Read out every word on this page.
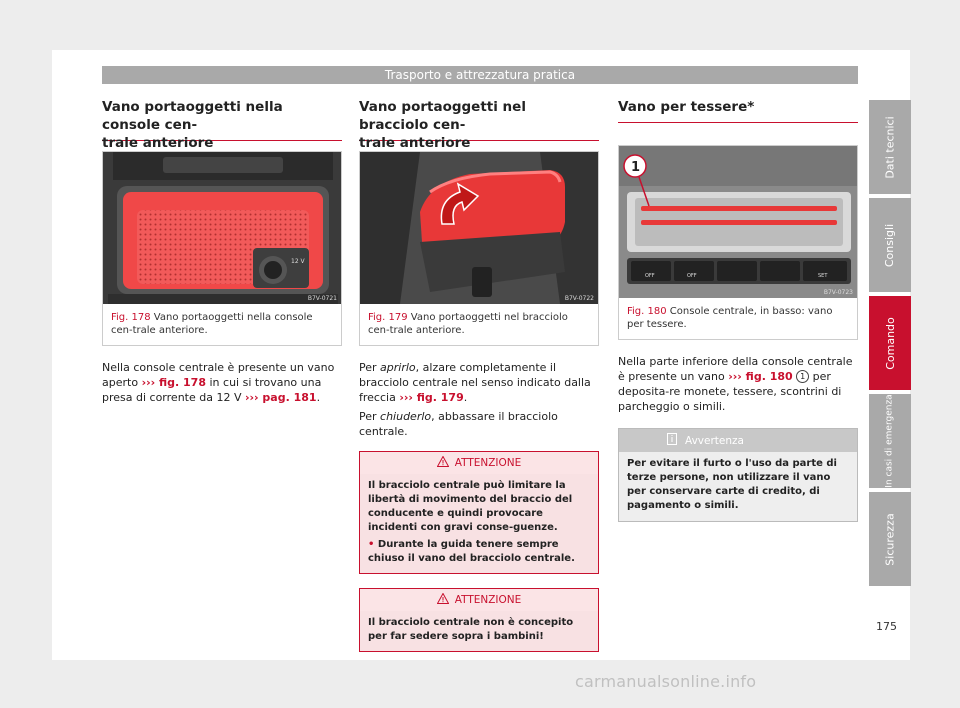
Trasporto e attrezzatura pratica
Vano portaoggetti nella console cen-
trale anteriore
12 V
B7V-0721
Fig. 178 Vano portaoggetti nella console cen-trale anteriore.

Nella console centrale è presente un vano aperto ››› fig. 178 in cui si trovano una presa di corrente da 12 V ››› pag. 181.

Vano portaoggetti nel bracciolo cen-
trale anteriore
B7V-0722
Fig. 179 Vano portaoggetti nel bracciolo cen-trale anteriore.

Per aprirlo, alzare completamente il bracciolo centrale nel senso indicato dalla freccia ››› fig. 179.

Per chiuderlo, abbassare il bracciolo centrale.

ATTENZIONE
Il bracciolo centrale può limitare la libertà di movimento del braccio del conducente e quindi provocare incidenti con gravi conse-guenze.
• Durante la guida tenere sempre chiuso il vano del bracciolo centrale.
ATTENZIONE
Il bracciolo centrale non è concepito per far sedere sopra i bambini!
Vano per tessere*
OFF	OFF	SET
1
B7V-0723
Fig. 180 Console centrale, in basso: vano per tessere.

Nella parte inferiore della console centrale è presente un vano ››› fig. 180 1 per deposita-re monete, tessere, scontrini di parcheggio o simili.

Avvertenza
Per evitare il furto o l'uso da parte di terze persone, non utilizzare il vano per conservare carte di credito, di pagamento o simili.
Dati tecnici
Consigli
Comando
In casi di emergenza
Sicurezza
175
carmanualsonline.info
